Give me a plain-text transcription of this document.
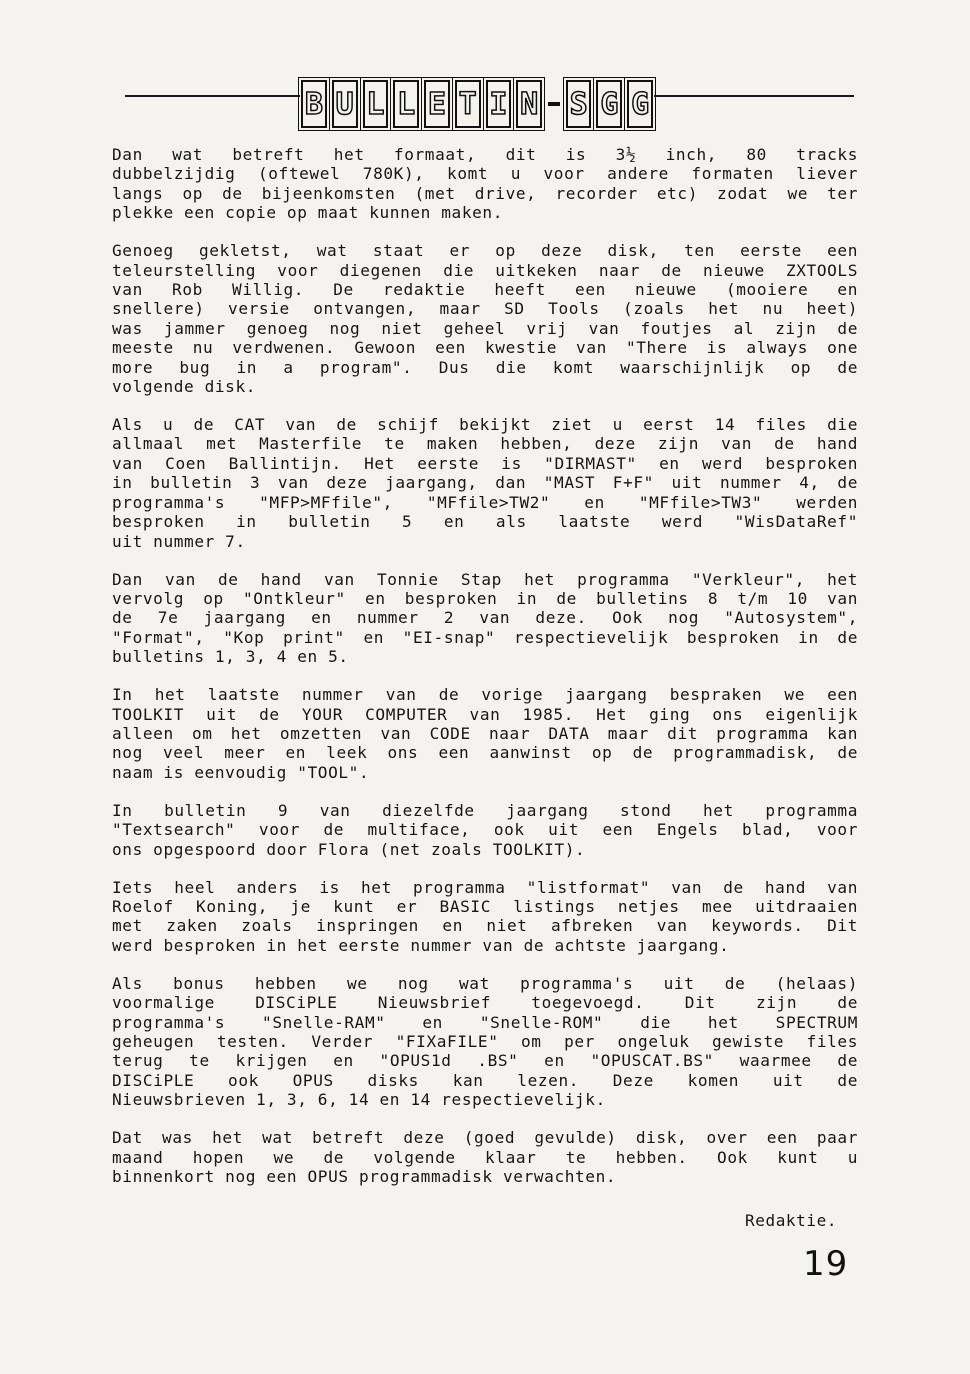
B U L L E T I N S G G
Dan wat betreft het formaat, dit is 3½ inch, 80 tracks
dubbelzijdig (oftewel 780K), komt u voor andere formaten liever
langs op de bijeenkomsten (met drive, recorder etc) zodat we ter
plekke een copie op maat kunnen maken.
Genoeg gekletst, wat staat er op deze disk, ten eerste een
teleurstelling voor diegenen die uitkeken naar de nieuwe ZXTOOLS
van Rob Willig. De redaktie heeft een nieuwe (mooiere en
snellere) versie ontvangen, maar SD Tools (zoals het nu heet)
was jammer genoeg nog niet geheel vrij van foutjes al zijn de
meeste nu verdwenen. Gewoon een kwestie van "There is always one
more bug in a program". Dus die komt waarschijnlijk op de
volgende disk.
Als u de CAT van de schijf bekijkt ziet u eerst 14 files die
allmaal met Masterfile te maken hebben, deze zijn van de hand
van Coen Ballintijn. Het eerste is "DIRMAST" en werd besproken
in bulletin 3 van deze jaargang, dan "MAST F+F" uit nummer 4, de
programma's "MFP>MFfile", "MFfile>TW2" en "MFfile>TW3" werden
besproken in bulletin 5 en als laatste werd "WisDataRef"
uit nummer 7.
Dan van de hand van Tonnie Stap het programma "Verkleur", het
vervolg op "Ontkleur" en besproken in de bulletins 8 t/m 10 van
de 7e jaargang en nummer 2 van deze. Ook nog "Autosystem",
"Format", "Kop print" en "EI-snap" respectievelijk besproken in de
bulletins 1, 3, 4 en 5.
In het laatste nummer van de vorige jaargang bespraken we een
TOOLKIT uit de YOUR COMPUTER van 1985. Het ging ons eigenlijk
alleen om het omzetten van CODE naar DATA maar dit programma kan
nog veel meer en leek ons een aanwinst op de programmadisk, de
naam is eenvoudig "TOOL".
In bulletin 9 van diezelfde jaargang stond het programma
"Textsearch" voor de multiface, ook uit een Engels blad, voor
ons opgespoord door Flora (net zoals TOOLKIT).
Iets heel anders is het programma "listformat" van de hand van
Roelof Koning, je kunt er BASIC listings netjes mee uitdraaien
met zaken zoals inspringen en niet afbreken van keywords. Dit
werd besproken in het eerste nummer van de achtste jaargang.
Als bonus hebben we nog wat programma's uit de (helaas)
voormalige DISCiPLE Nieuwsbrief toegevoegd. Dit zijn de
programma's "Snelle-RAM" en "Snelle-ROM" die het SPECTRUM
geheugen testen. Verder "FIXaFILE" om per ongeluk gewiste files
terug te krijgen en "OPUS1d .BS" en "OPUSCAT.BS" waarmee de
DISCiPLE ook OPUS disks kan lezen. Deze komen uit de
Nieuwsbrieven 1, 3, 6, 14 en 14 respectievelijk.
Dat was het wat betreft deze (goed gevulde) disk, over een paar
maand hopen we de volgende klaar te hebben. Ook kunt u
binnenkort nog een OPUS programmadisk verwachten.
Redaktie.
19
